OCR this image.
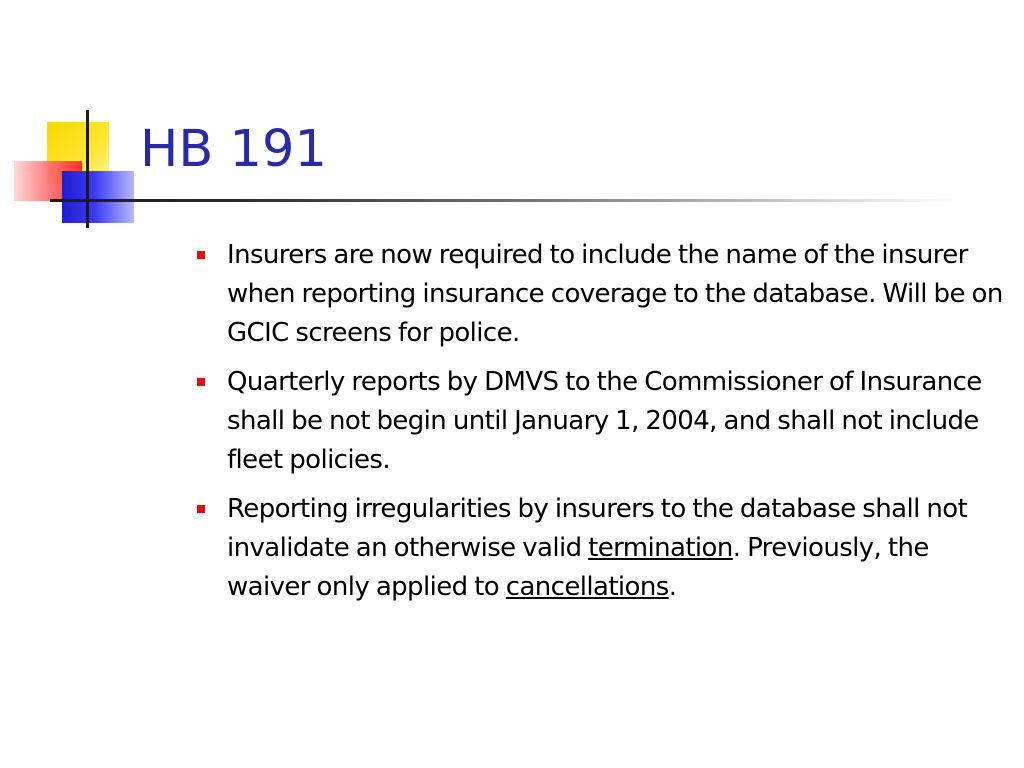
HB 191
Insurers are now required to include the name of the insurer when reporting insurance coverage to the database. Will be on GCIC screens for police.
Quarterly reports by DMVS to the Commissioner of Insurance shall be not begin until January 1, 2004, and shall not include fleet policies.
Reporting irregularities by insurers to the database shall not invalidate an otherwise valid termination. Previously, the waiver only applied to cancellations.
